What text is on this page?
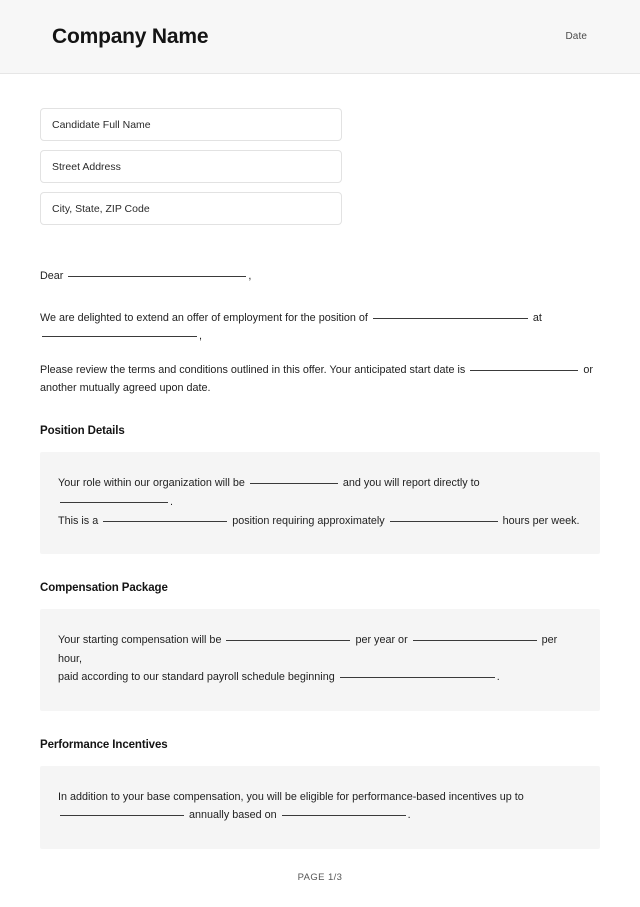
Company Name	Date
Candidate Full Name
Street Address
City, State, ZIP Code
Dear	,
We are delighted to extend an offer of employment for the position of	at ,
Please review the terms and conditions outlined in this offer. Your anticipated start date is	or another mutually agreed upon date.
Position Details
Your role within our organization will be	and you will report directly to .
This is a	position requiring approximately	hours per week.
Compensation Package
Your starting compensation will be	per year or	per hour,
paid according to our standard payroll schedule beginning	.
Performance Incentives
In addition to your base compensation, you will be eligible for performance-based incentives up to
annually based on	.
PAGE 1/3
